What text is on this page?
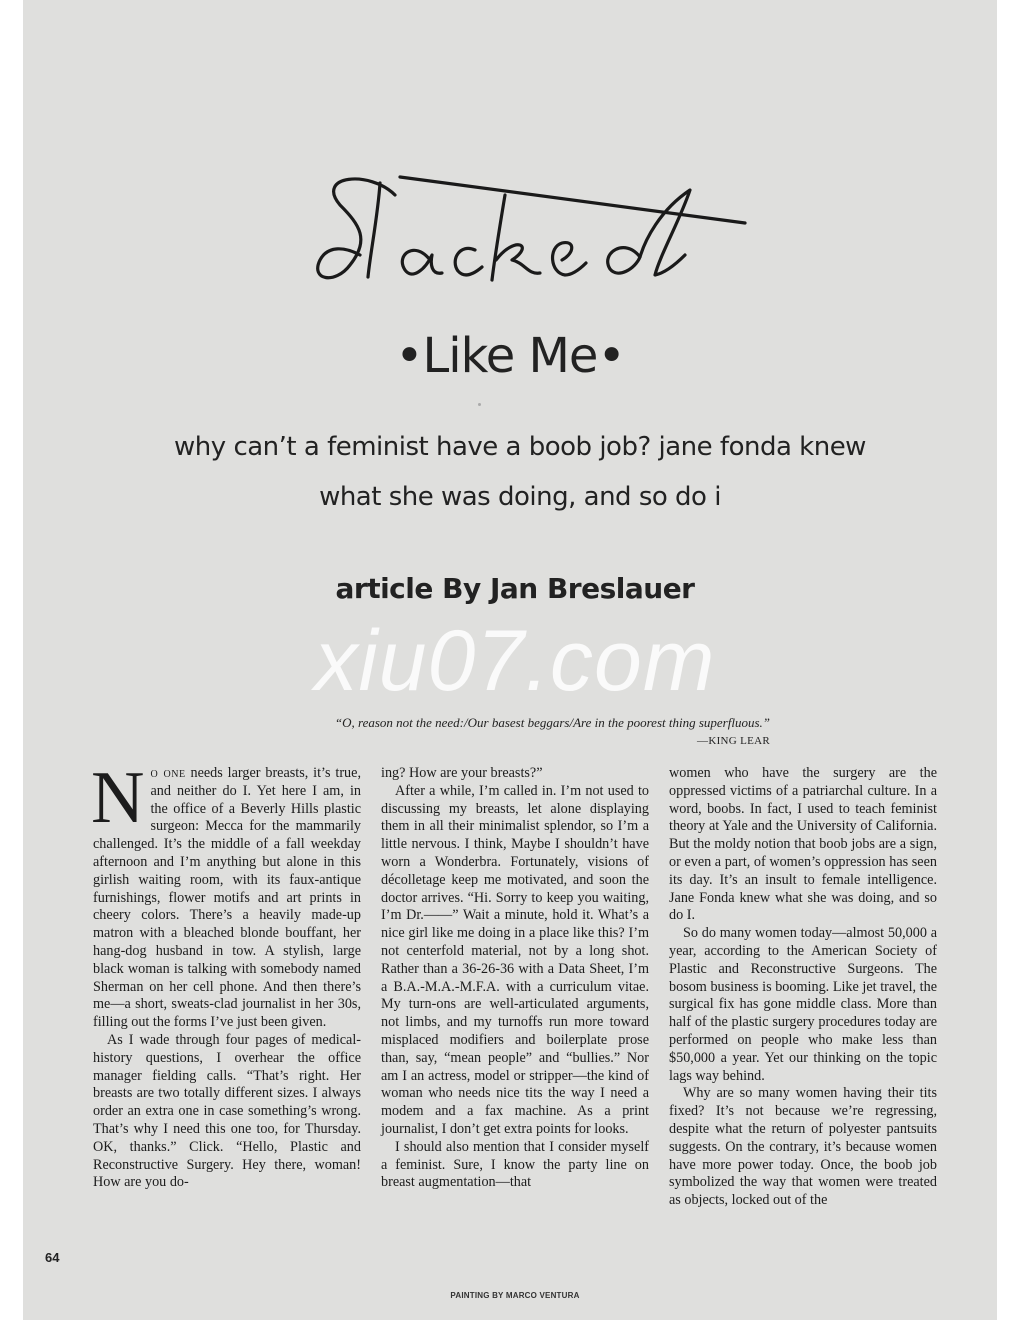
•Like Me•
why can’t a feminist have a boob job? jane fonda knew what she was doing, and so do i
article By Jan Breslauer
xiu07.com
“O, reason not the need:/Our basest beggars/Are in the poorest thing superfluous.”
—KING LEAR

No one needs larger breasts, it’s true, and neither do I. Yet here I am, in the office of a Beverly Hills plastic surgeon: Mecca for the mammarily challenged. It’s the middle of a fall weekday afternoon and I’m anything but alone in this girlish waiting room, with its faux-antique furnishings, flower motifs and art prints in cheery colors. There’s a heavily made-up matron with a bleached blonde bouffant, her hang-dog husband in tow. A stylish, large black woman is talking with somebody named Sherman on her cell phone. And then there’s me—a short, sweats-clad journalist in her 30s, filling out the forms I’ve just been given.

As I wade through four pages of medical-history questions, I overhear the office manager fielding calls. “That’s right. Her breasts are two totally different sizes. I always order an extra one in case something’s wrong. That’s why I need this one too, for Thursday. OK, thanks.” Click. “Hello, Plastic and Reconstructive Surgery. Hey there, woman! How are you do-

ing? How are your breasts?”

After a while, I’m called in. I’m not used to discussing my breasts, let alone displaying them in all their minimalist splendor, so I’m a little nervous. I think, Maybe I shouldn’t have worn a Wonderbra. Fortunately, visions of décolletage keep me motivated, and soon the doctor arrives. “Hi. Sorry to keep you waiting, I’m Dr.——” Wait a minute, hold it. What’s a nice girl like me doing in a place like this? I’m not centerfold material, not by a long shot. Rather than a 36-26-36 with a Data Sheet, I’m a B.A.-M.A.-M.F.A. with a curriculum vitae. My turn-ons are well-articulated arguments, not limbs, and my turnoffs run more toward misplaced modifiers and boilerplate prose than, say, “mean people” and “bullies.” Nor am I an actress, model or stripper—the kind of woman who needs nice tits the way I need a modem and a fax machine. As a print journalist, I don’t get extra points for looks.

I should also mention that I consider myself a feminist. Sure, I know the party line on breast augmentation—that

women who have the surgery are the oppressed victims of a patriarchal culture. In a word, boobs. In fact, I used to teach feminist theory at Yale and the University of California. But the moldy notion that boob jobs are a sign, or even a part, of women’s oppression has seen its day. It’s an insult to female intelligence. Jane Fonda knew what she was doing, and so do I.

So do many women today—almost 50,000 a year, according to the American Society of Plastic and Reconstructive Surgeons. The bosom business is booming. Like jet travel, the surgical fix has gone middle class. More than half of the plastic surgery procedures today are performed on people who make less than $50,000 a year. Yet our thinking on the topic lags way behind.

Why are so many women having their tits fixed? It’s not because we’re regressing, despite what the return of polyester pantsuits suggests. On the contrary, it’s because women have more power today. Once, the boob job symbolized the way that women were treated as objects, locked out of the

64
PAINTING BY MARCO VENTURA
